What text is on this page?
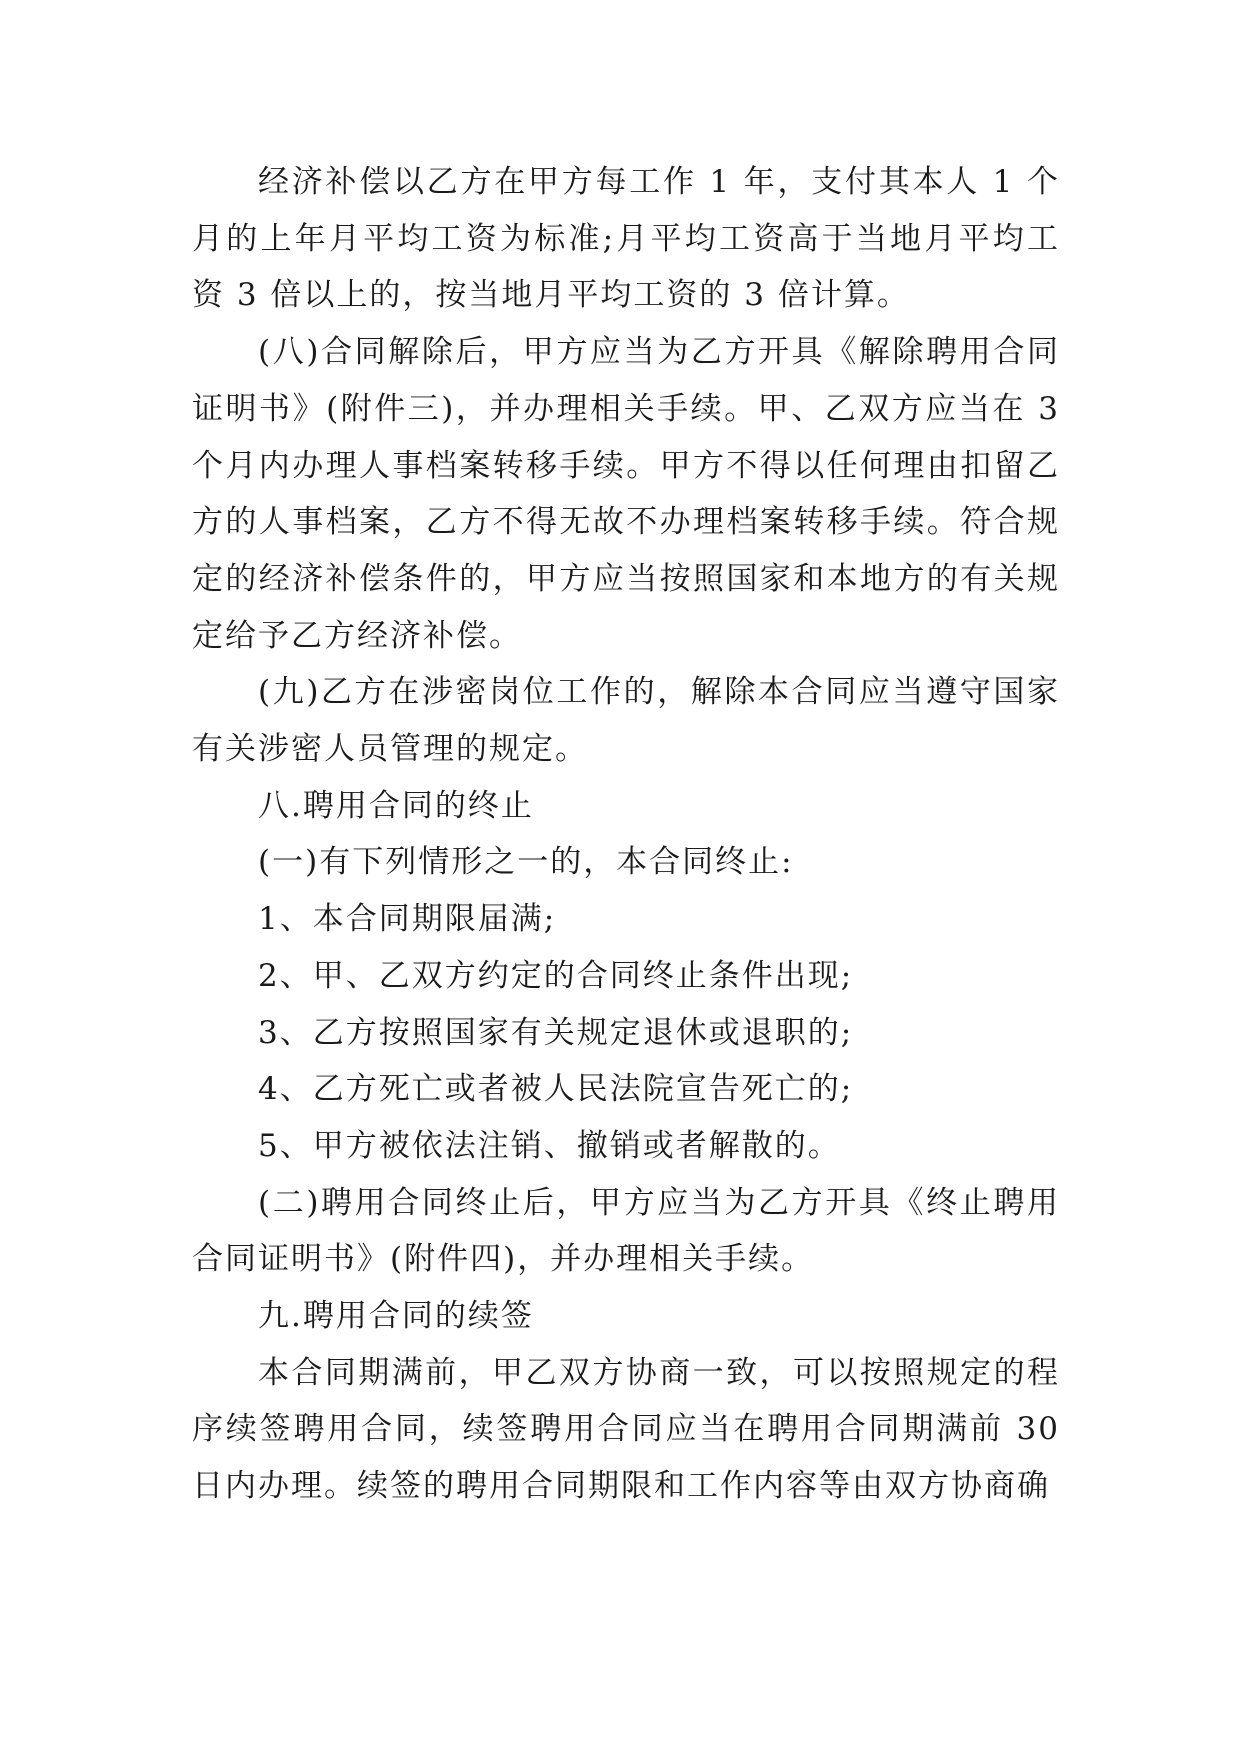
经济补偿以乙方在甲方每工作 1 年，支付其本人 1 个月的上年月平均工资为标准;月平均工资高于当地月平均工资 3 倍以上的，按当地月平均工资的 3 倍计算。

(八)合同解除后，甲方应当为乙方开具《解除聘用合同证明书》(附件三)，并办理相关手续。甲、乙双方应当在 3 个月内办理人事档案转移手续。甲方不得以任何理由扣留乙方的人事档案，乙方不得无故不办理档案转移手续。符合规定的经济补偿条件的，甲方应当按照国家和本地方的有关规定给予乙方经济补偿。

(九)乙方在涉密岗位工作的，解除本合同应当遵守国家有关涉密人员管理的规定。

八.聘用合同的终止

(一)有下列情形之一的，本合同终止:

1、本合同期限届满;

2、甲、乙双方约定的合同终止条件出现;

3、乙方按照国家有关规定退休或退职的;

4、乙方死亡或者被人民法院宣告死亡的;

5、甲方被依法注销、撤销或者解散的。

(二)聘用合同终止后，甲方应当为乙方开具《终止聘用合同证明书》(附件四)，并办理相关手续。

九.聘用合同的续签

本合同期满前，甲乙双方协商一致，可以按照规定的程序续签聘用合同，续签聘用合同应当在聘用合同期满前 30 日内办理。续签的聘用合同期限和工作内容等由双方协商确
